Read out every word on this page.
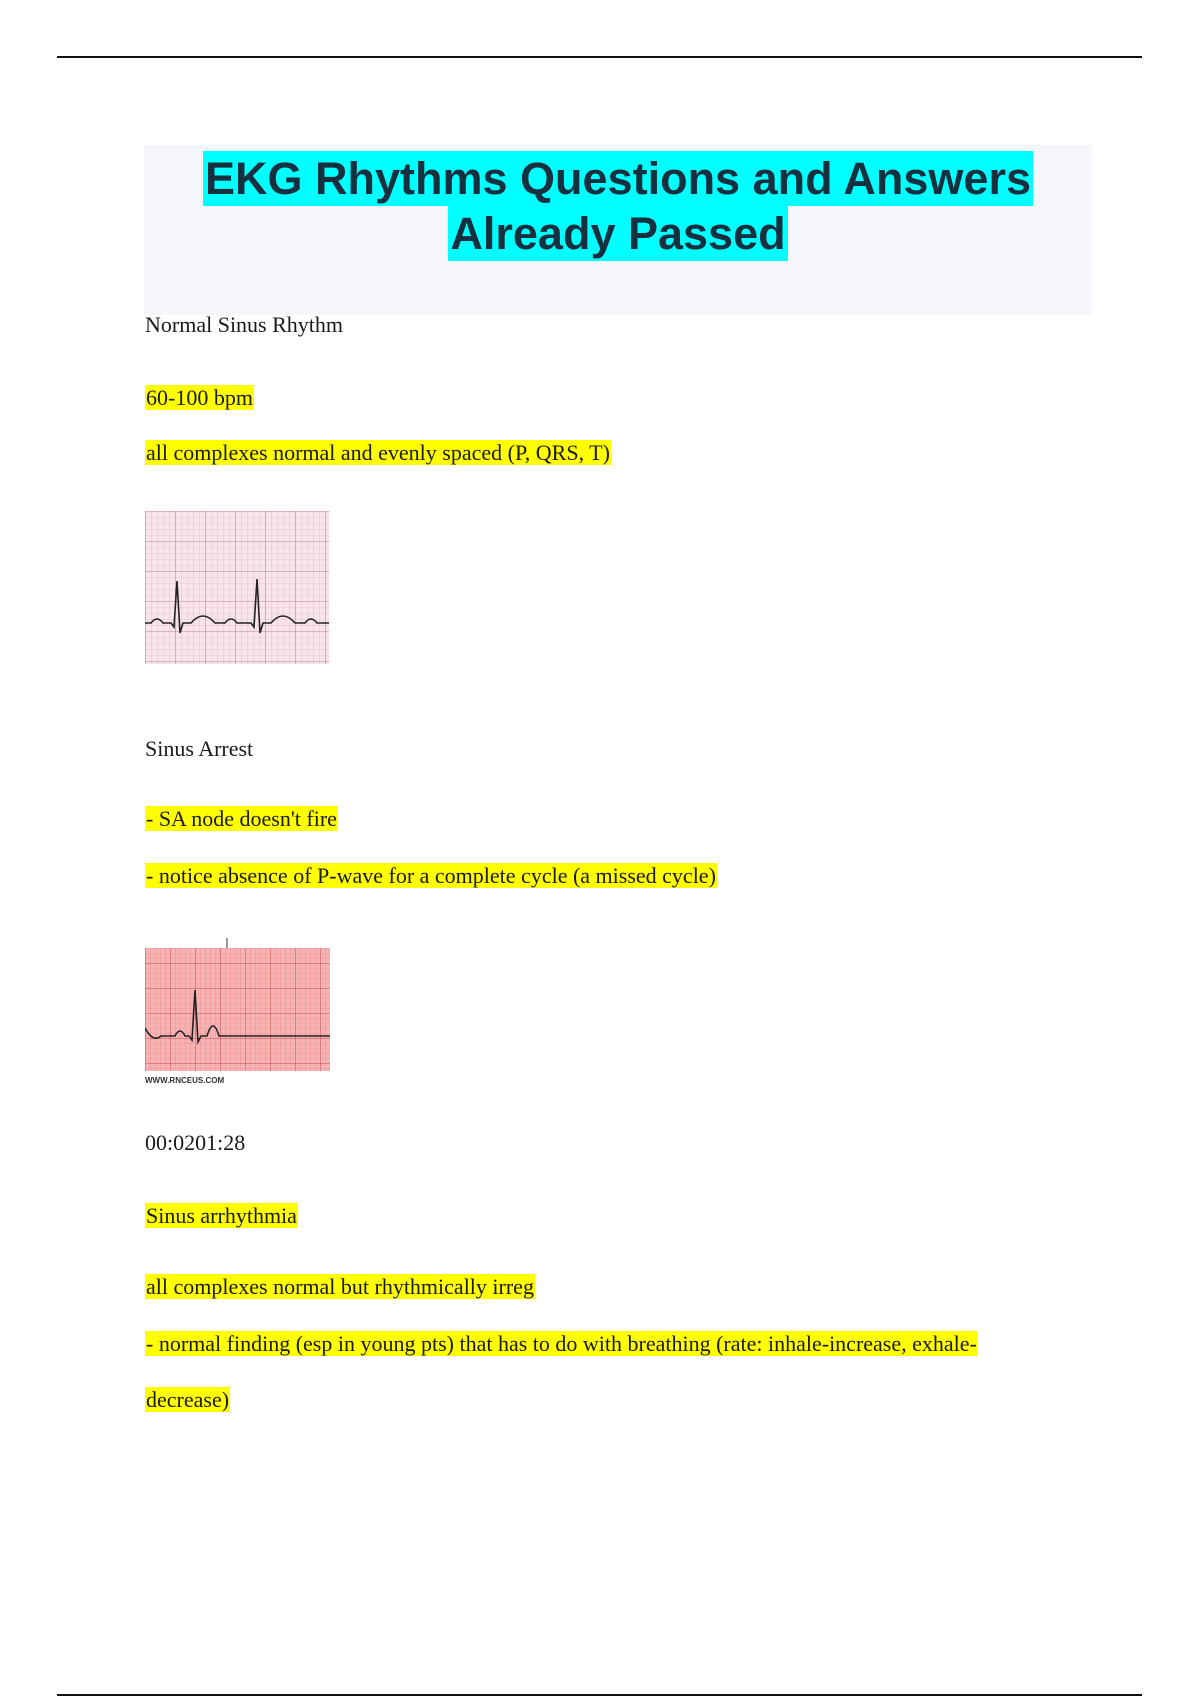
EKG Rhythms Questions and Answers
Already Passed
Normal Sinus Rhythm
60-100 bpm
all complexes normal and evenly spaced (P, QRS, T)
Sinus Arrest
- SA node doesn't fire
- notice absence of P-wave for a complete cycle (a missed cycle)
WWW.RNCEUS.COM
00:0201:28
Sinus arrhythmia
all complexes normal but rhythmically irreg
- normal finding (esp in young pts) that has to do with breathing (rate: inhale-increase, exhale-
decrease)
